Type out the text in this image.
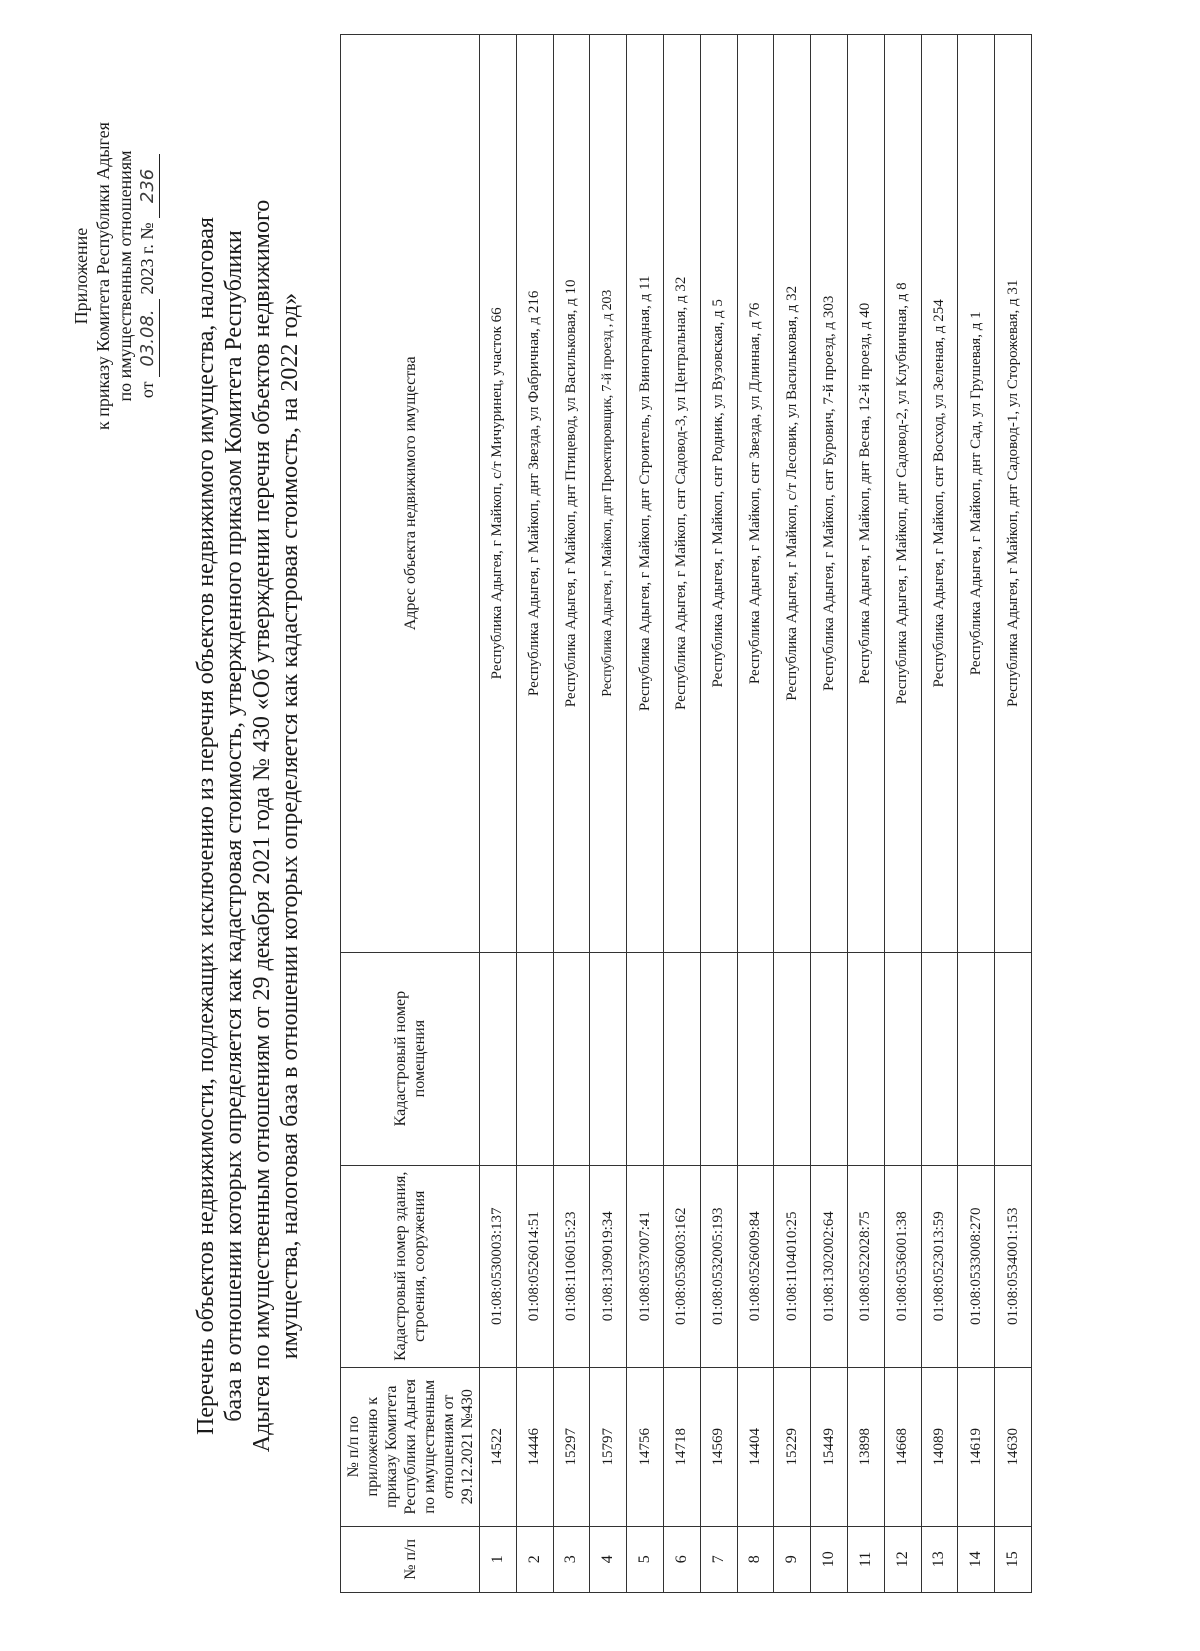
Приложение к приказу Комитета Республики Адыгея по имущественным отношениям от 03.08. 2023 г. № 236
Перечень объектов недвижимости, подлежащих исключению из перечня объектов недвижимого имущества, налоговая база в отношении которых определяется как кадастровая стоимость, утвержденного приказом Комитета Республики Адыгея по имущественным отношениям от 29 декабря 2021 года № 430 «Об утверждении перечня объектов недвижимого имущества, налоговая база в отношении которых определяется как кадастровая стоимость, на 2022 год»
№ п/п	№ п/п по приложению к приказу Комитета Республики Адыгея по имущественным отношениям от 29.12.2021 №430	Кадастровый номер здания, строения, сооружения	Кадастровый номер помещения	Адрес объекта недвижимого имущества
1	14522	01:08:0530003:137		Республика Адыгея, г Майкоп, с/т Мичуринец, участок 66
2	14446	01:08:0526014:51		Республика Адыгея, г Майкоп, днт Звезда, ул Фабричная, д 216
3	15297	01:08:1106015:23		Республика Адыгея, г Майкоп, днт Птицевод, ул Васильковая, д 10
4	15797	01:08:1309019:34		Республика Адыгея, г Майкоп, днт Проектировщик, 7-й проезд , д 203
5	14756	01:08:0537007:41		Республика Адыгея, г Майкоп, днт Строитель, ул Виноградная, д 11
6	14718	01:08:0536003:162		Республика Адыгея, г Майкоп, снт Садовод-3, ул Центральная, д 32
7	14569	01:08:0532005:193		Республика Адыгея, г Майкоп, снт Родник, ул Вузовская, д 5
8	14404	01:08:0526009:84		Республика Адыгея, г Майкоп, снт Звезда, ул Длинная, д 76
9	15229	01:08:1104010:25		Республика Адыгея, г Майкоп, с/т Лесовик, ул Васильковая, д 32
10	15449	01:08:1302002:64		Республика Адыгея, г Майкоп, снт Бурович, 7-й проезд, д 303
11	13898	01:08:0522028:75		Республика Адыгея, г Майкоп, днт Весна, 12-й проезд, д 40
12	14668	01:08:0536001:38		Республика Адыгея, г Майкоп, днт Садовод-2, ул Клубничная, д 8
13	14089	01:08:0523013:59		Республика Адыгея, г Майкоп, снт Восход, ул Зеленая, д 254
14	14619	01:08:0533008:270		Республика Адыгея, г Майкоп, днт Сад, ул Грушевая, д 1
15	14630	01:08:0534001:153		Республика Адыгея, г Майкоп, днт Садовод-1, ул Сторожевая, д 31
